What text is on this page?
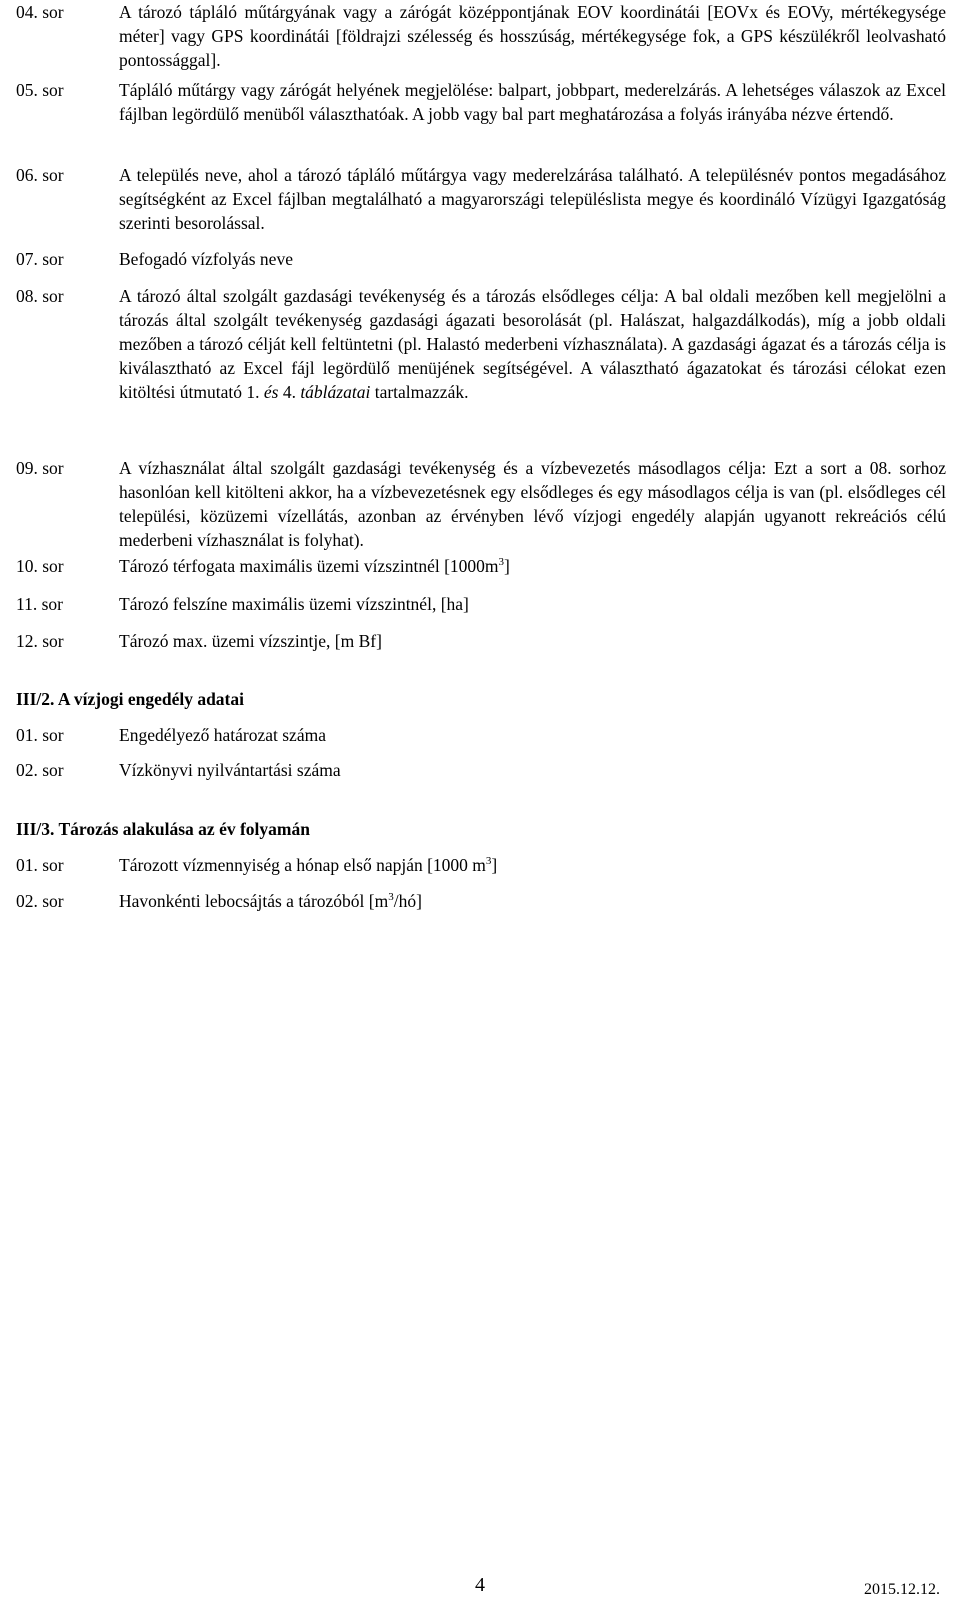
04. sor	A tározó tápláló műtárgyának vagy a zárógát középpontjának EOV koordinátái [EOVx és EOVy, mértékegysége méter] vagy GPS koordinátái [földrajzi szélesség és hosszúság, mértékegysége fok, a GPS készülékről leolvasható pontossággal].
05. sor	Tápláló műtárgy vagy zárógát helyének megjelölése: balpart, jobbpart, mederelzárás. A lehetséges válaszok az Excel fájlban legördülő menüből választhatóak. A jobb vagy bal part meghatározása a folyás irányába nézve értendő.
06. sor	A település neve, ahol a tározó tápláló műtárgya vagy mederelzárása található. A településnév pontos megadásához segítségként az Excel fájlban megtalálható a magyarországi településlista megye és koordináló Vízügyi Igazgatóság szerinti besorolással.
07. sor	Befogadó vízfolyás neve
08. sor	A tározó által szolgált gazdasági tevékenység és a tározás elsődleges célja: A bal oldali mezőben kell megjelölni a tározás által szolgált tevékenység gazdasági ágazati besorolását (pl. Halászat, halgazdálkodás), míg a jobb oldali mezőben a tározó célját kell feltüntetni (pl. Halastó mederbeni vízhasználata). A gazdasági ágazat és a tározás célja is kiválasztható az Excel fájl legördülő menüjének segítségével. A választható ágazatokat és tározási célokat ezen kitöltési útmutató 1. és 4. táblázatai tartalmazzák.
09. sor	A vízhasználat által szolgált gazdasági tevékenység és a vízbevezetés másodlagos célja: Ezt a sort a 08. sorhoz hasonlóan kell kitölteni akkor, ha a vízbevezetésnek egy elsődleges és egy másodlagos célja is van (pl. elsődleges cél települési, közüzemi vízellátás, azonban az érvényben lévő vízjogi engedély alapján ugyanott rekreációs célú mederbeni vízhasználat is folyhat).
10. sor	Tározó térfogata maximális üzemi vízszintnél $[1000m^3]$
11. sor	Tározó felszíne maximális üzemi vízszintnél, [ha]
12. sor	Tározó max. üzemi vízszintje, [m Bf]
III/2. A vízjogi engedély adatai
01. sor	Engedélyező határozat száma
02. sor	Vízkönyvi nyilvántartási száma
III/3. Tározás alakulása az év folyamán
01. sor	Tározott vízmennyiség a hónap első napján [1000 $m^3$]
02. sor	Havonkénti lebocsájtás a tározóból $[m^3/hó]$
4	2015.12.12.
